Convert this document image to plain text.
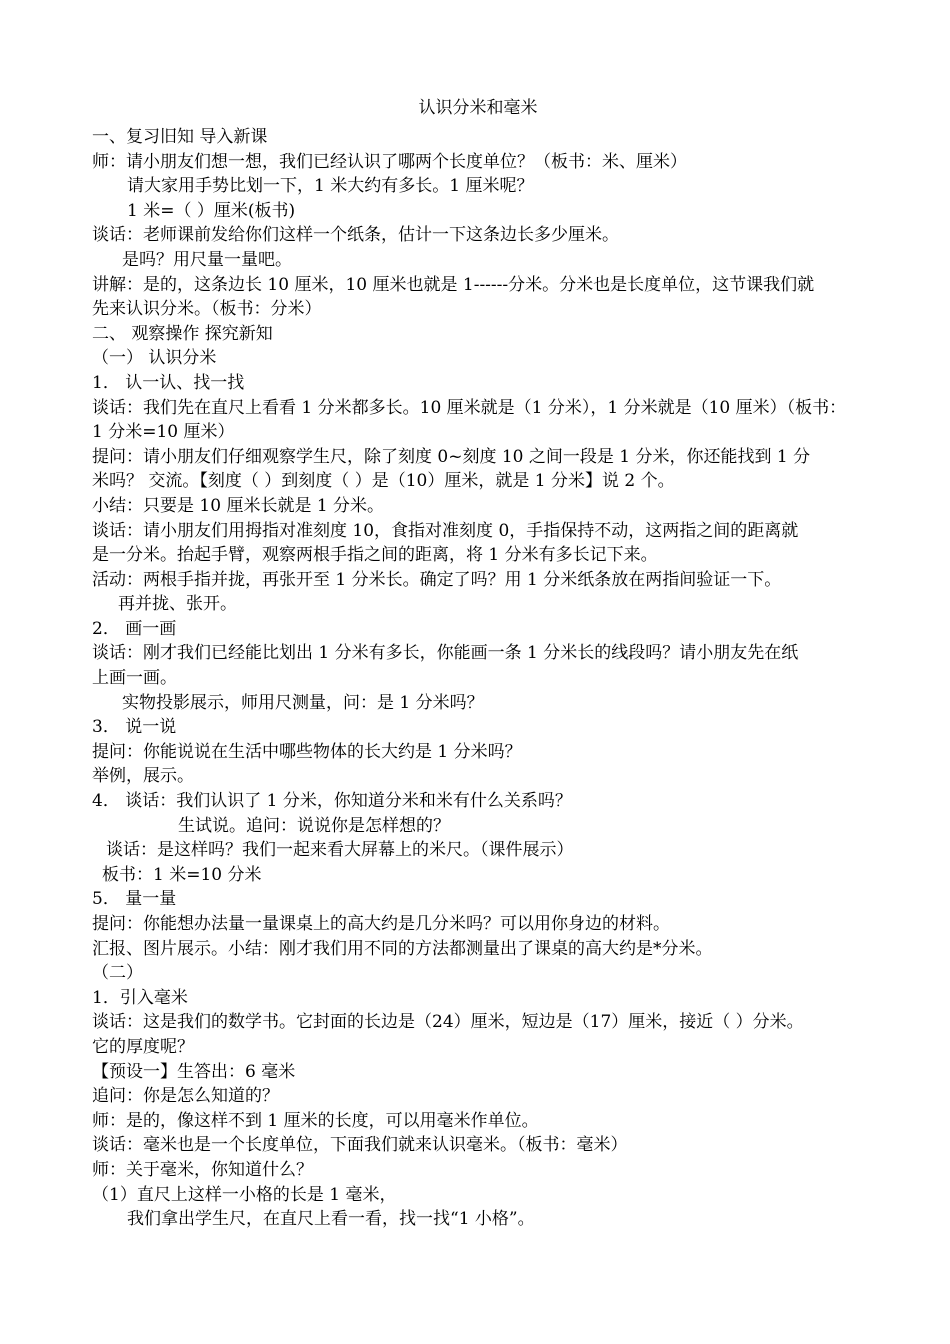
认识分米和毫米
一、复习旧知 导入新课
师：请小朋友们想一想，我们已经认识了哪两个长度单位？（板书：米、厘米）
请大家用手势比划一下，1 米大约有多长。1 厘米呢？
1 米=（ ）厘米(板书)
谈话：老师课前发给你们这样一个纸条，估计一下这条边长多少厘米。
是吗？用尺量一量吧。
讲解：是的，这条边长 10 厘米，10 厘米也就是 1------分米。分米也是长度单位，这节课我们就
先来认识分米。（板书：分米）
二、 观察操作 探究新知
（一） 认识分米
1． 认一认、找一找
谈话：我们先在直尺上看看 1 分米都多长。10 厘米就是（1 分米），1 分米就是（10 厘米）（板书：
1 分米=10 厘米）
提问：请小朋友们仔细观察学生尺，除了刻度 0~刻度 10 之间一段是 1 分米，你还能找到 1 分
米吗？ 交流。【刻度（ ）到刻度（ ）是（10）厘米，就是 1 分米】说 2 个。
小结：只要是 10 厘米长就是 1 分米。
谈话：请小朋友们用拇指对准刻度 10，食指对准刻度 0，手指保持不动，这两指之间的距离就
是一分米。抬起手臂，观察两根手指之间的距离，将 1 分米有多长记下来。
活动：两根手指并拢，再张开至 1 分米长。确定了吗？用 1 分米纸条放在两指间验证一下。
再并拢、张开。
2． 画一画
谈话：刚才我们已经能比划出 1 分米有多长，你能画一条 1 分米长的线段吗？请小朋友先在纸
上画一画。
实物投影展示，师用尺测量，问：是 1 分米吗？
3． 说一说
提问：你能说说在生活中哪些物体的长大约是 1 分米吗？
举例，展示。
4． 谈话：我们认识了 1 分米，你知道分米和米有什么关系吗？
生试说。追问：说说你是怎样想的？
谈话：是这样吗？我们一起来看大屏幕上的米尺。（课件展示）
板书：1 米=10 分米
5． 量一量
提问：你能想办法量一量课桌上的高大约是几分米吗？可以用你身边的材料。
汇报、图片展示。小结：刚才我们用不同的方法都测量出了课桌的高大约是*分米。
（二）
1．引入毫米
谈话：这是我们的数学书。它封面的长边是（24）厘米，短边是（17）厘米，接近（ ）分米。
它的厚度呢？
【预设一】生答出：6 毫米
追问：你是怎么知道的？
师：是的，像这样不到 1 厘米的长度，可以用毫米作单位。
谈话：毫米也是一个长度单位，下面我们就来认识毫米。（板书：毫米）
师：关于毫米，你知道什么？
（1）直尺上这样一小格的长是 1 毫米，
我们拿出学生尺，在直尺上看一看，找一找“1 小格”。
